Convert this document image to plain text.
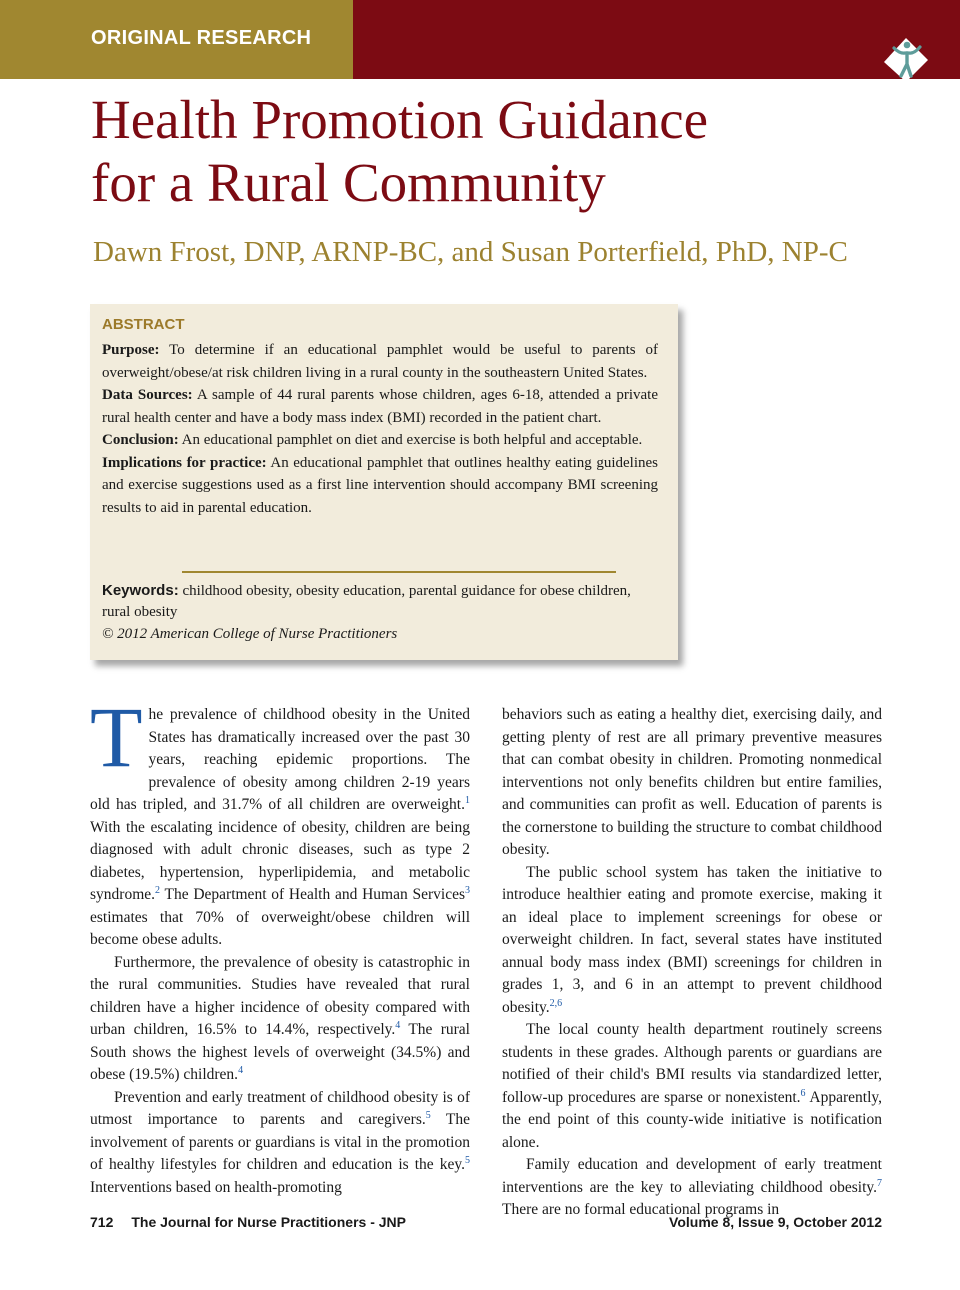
ORIGINAL RESEARCH
Health Promotion Guidance
for a Rural Community
Dawn Frost, DNP, ARNP-BC, and Susan Porterfield, PhD, NP-C
ABSTRACT

Purpose: To determine if an educational pamphlet would be useful to parents of overweight/obese/at risk children living in a rural county in the southeastern United States.

Data Sources: A sample of 44 rural parents whose children, ages 6-18, attended a private rural health center and have a body mass index (BMI) recorded in the patient chart.

Conclusion: An educational pamphlet on diet and exercise is both helpful and acceptable.

Implications for practice: An educational pamphlet that outlines healthy eating guidelines and exercise suggestions used as a first line intervention should accompany BMI screening results to aid in parental education.

Keywords: childhood obesity, obesity education, parental guidance for obese children, rural obesity
© 2012 American College of Nurse Practitioners

The prevalence of childhood obesity in the United States has dramatically increased over the past 30 years, reaching epidemic proportions. The prevalence of obesity among children 2-19 years old has tripled, and 31.7% of all children are overweight.$^1$ With the escalating incidence of obesity, children are being diagnosed with adult chronic diseases, such as type 2 diabetes, hypertension, hyperlipidemia, and metabolic syndrome.$^2$ The Department of Health and Human Services$^3$ estimates that 70% of overweight/obese children will become obese adults.

Furthermore, the prevalence of obesity is catastrophic in the rural communities. Studies have revealed that rural children have a higher incidence of obesity compared with urban children, 16.5% to 14.4%, respectively.$^4$ The rural South shows the highest levels of overweight (34.5%) and obese (19.5%) children.$^4$

Prevention and early treatment of childhood obesity is of utmost importance to parents and caregivers.$^5$ The involvement of parents or guardians is vital in the promotion of healthy lifestyles for children and education is the key.$^5$ Interventions based on health-promoting

behaviors such as eating a healthy diet, exercising daily, and getting plenty of rest are all primary preventive measures that can combat obesity in children. Promoting nonmedical interventions not only benefits children but entire families, and communities can profit as well. Education of parents is the cornerstone to building the structure to combat childhood obesity.

The public school system has taken the initiative to introduce healthier eating and promote exercise, making it an ideal place to implement screenings for obese or overweight children. In fact, several states have instituted annual body mass index (BMI) screenings for children in grades 1, 3, and 6 in an attempt to prevent childhood obesity.$^{2,6}$

The local county health department routinely screens students in these grades. Although parents or guardians are notified of their child's BMI results via standardized letter, follow-up procedures are sparse or nonexistent.$^6$ Apparently, the end point of this county-wide initiative is notification alone.

Family education and development of early treatment interventions are the key to alleviating childhood obesity.$^7$ There are no formal educational programs in

712 The Journal for Nurse Practitioners - JNP	Volume 8, Issue 9, October 2012
